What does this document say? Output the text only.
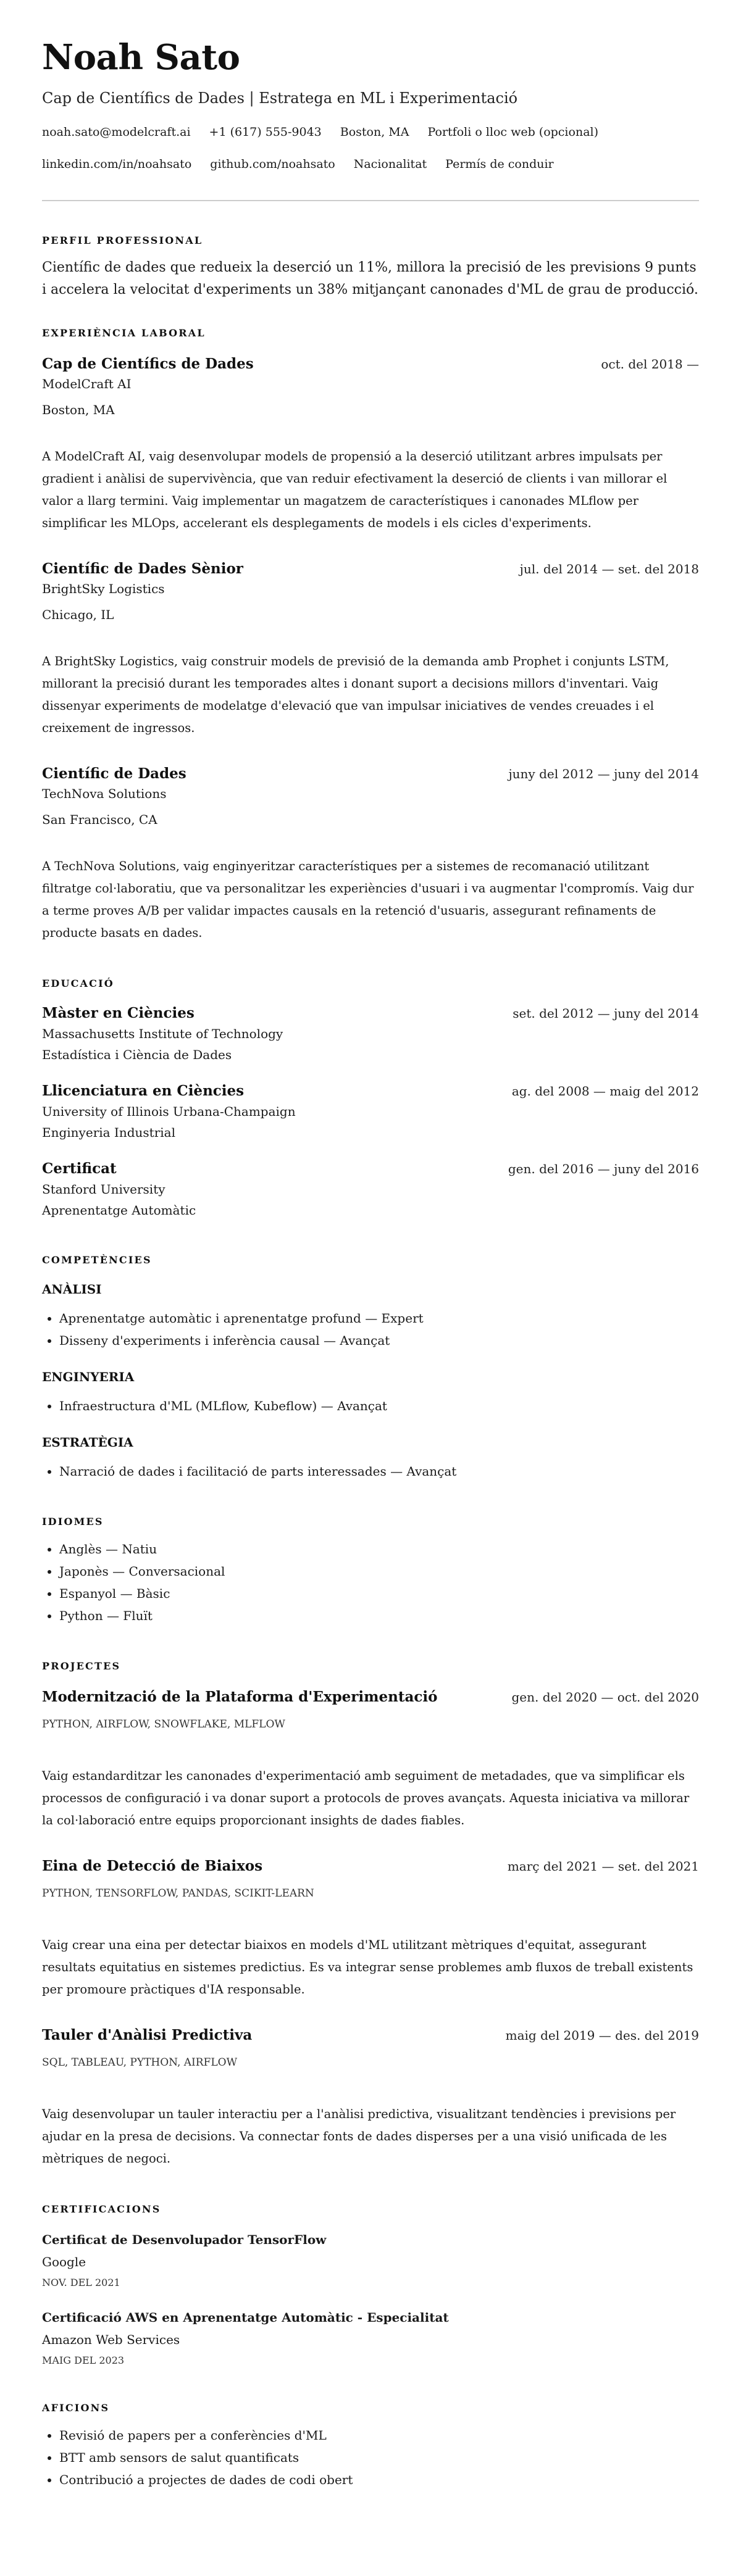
Noah Sato
Cap de Científics de Dades | Estratega en ML i Experimentació
noah.sato@modelcraft.ai +1 (617) 555-9043 Boston, MA Portfoli o lloc web (opcional)
linkedin.com/in/noahsato github.com/noahsato Nacionalitat Permís de conduir
PERFIL PROFESSIONAL

Científic de dades que redueix la deserció un 11%, millora la precisió de les previsions 9 punts i accelera la velocitat d'experiments un 38% mitjançant canonades d'ML de grau de producció.

EXPERIÈNCIA LABORAL
Cap de Científics de Dades	oct. del 2018 —
ModelCraft AI
Boston, MA
A ModelCraft AI, vaig desenvolupar models de propensió a la deserció utilitzant arbres impulsats per gradient i anàlisi de supervivència, que van reduir efectivament la deserció de clients i van millorar el valor a llarg termini. Vaig implementar un magatzem de característiques i canonades MLflow per simplificar les MLOps, accelerant els desplegaments de models i els cicles d'experiments.
Científic de Dades Sènior	jul. del 2014 — set. del 2018
BrightSky Logistics
Chicago, IL
A BrightSky Logistics, vaig construir models de previsió de la demanda amb Prophet i conjunts LSTM, millorant la precisió durant les temporades altes i donant suport a decisions millors d'inventari. Vaig dissenyar experiments de modelatge d'elevació que van impulsar iniciatives de vendes creuades i el creixement de ingressos.
Científic de Dades	juny del 2012 — juny del 2014
TechNova Solutions
San Francisco, CA
A TechNova Solutions, vaig enginyeritzar característiques per a sistemes de recomanació utilitzant filtratge col·laboratiu, que va personalitzar les experiències d'usuari i va augmentar l'compromís. Vaig dur a terme proves A/B per validar impactes causals en la retenció d'usuaris, assegurant refinaments de producte basats en dades.
EDUCACIÓ
Màster en Ciències	set. del 2012 — juny del 2014
Massachusetts Institute of Technology
Estadística i Ciència de Dades
Llicenciatura en Ciències	ag. del 2008 — maig del 2012
University of Illinois Urbana-Champaign
Enginyeria Industrial
Certificat	gen. del 2016 — juny del 2016
Stanford University
Aprenentatge Automàtic
COMPETÈNCIES
ANÀLISI
• Aprenentatge automàtic i aprenentatge profund — Expert
• Disseny d'experiments i inferència causal — Avançat
ENGINYERIA
• Infraestructura d'ML (MLflow, Kubeflow) — Avançat
ESTRATÈGIA
• Narració de dades i facilitació de parts interessades — Avançat
IDIOMES
• Anglès — Natiu
• Japonès — Conversacional
• Espanyol — Bàsic
• Python — Fluït
PROJECTES
Modernització de la Plataforma d'Experimentació	gen. del 2020 — oct. del 2020
PYTHON, AIRFLOW, SNOWFLAKE, MLFLOW
Vaig estandarditzar les canonades d'experimentació amb seguiment de metadades, que va simplificar els processos de configuració i va donar suport a protocols de proves avançats. Aquesta iniciativa va millorar la col·laboració entre equips proporcionant insights de dades fiables.
Eina de Detecció de Biaixos	març del 2021 — set. del 2021
PYTHON, TENSORFLOW, PANDAS, SCIKIT-LEARN
Vaig crear una eina per detectar biaixos en models d'ML utilitzant mètriques d'equitat, assegurant resultats equitatius en sistemes predictius. Es va integrar sense problemes amb fluxos de treball existents per promoure pràctiques d'IA responsable.
Tauler d'Anàlisi Predictiva	maig del 2019 — des. del 2019
SQL, TABLEAU, PYTHON, AIRFLOW
Vaig desenvolupar un tauler interactiu per a l'anàlisi predictiva, visualitzant tendències i previsions per ajudar en la presa de decisions. Va connectar fonts de dades disperses per a una visió unificada de les mètriques de negoci.
CERTIFICACIONS
Certificat de Desenvolupador TensorFlow
Google
NOV. DEL 2021
Certificació AWS en Aprenentatge Automàtic - Especialitat
Amazon Web Services
MAIG DEL 2023
AFICIONS
• Revisió de papers per a conferències d'ML
• BTT amb sensors de salut quantificats
• Contribució a projectes de dades de codi obert
